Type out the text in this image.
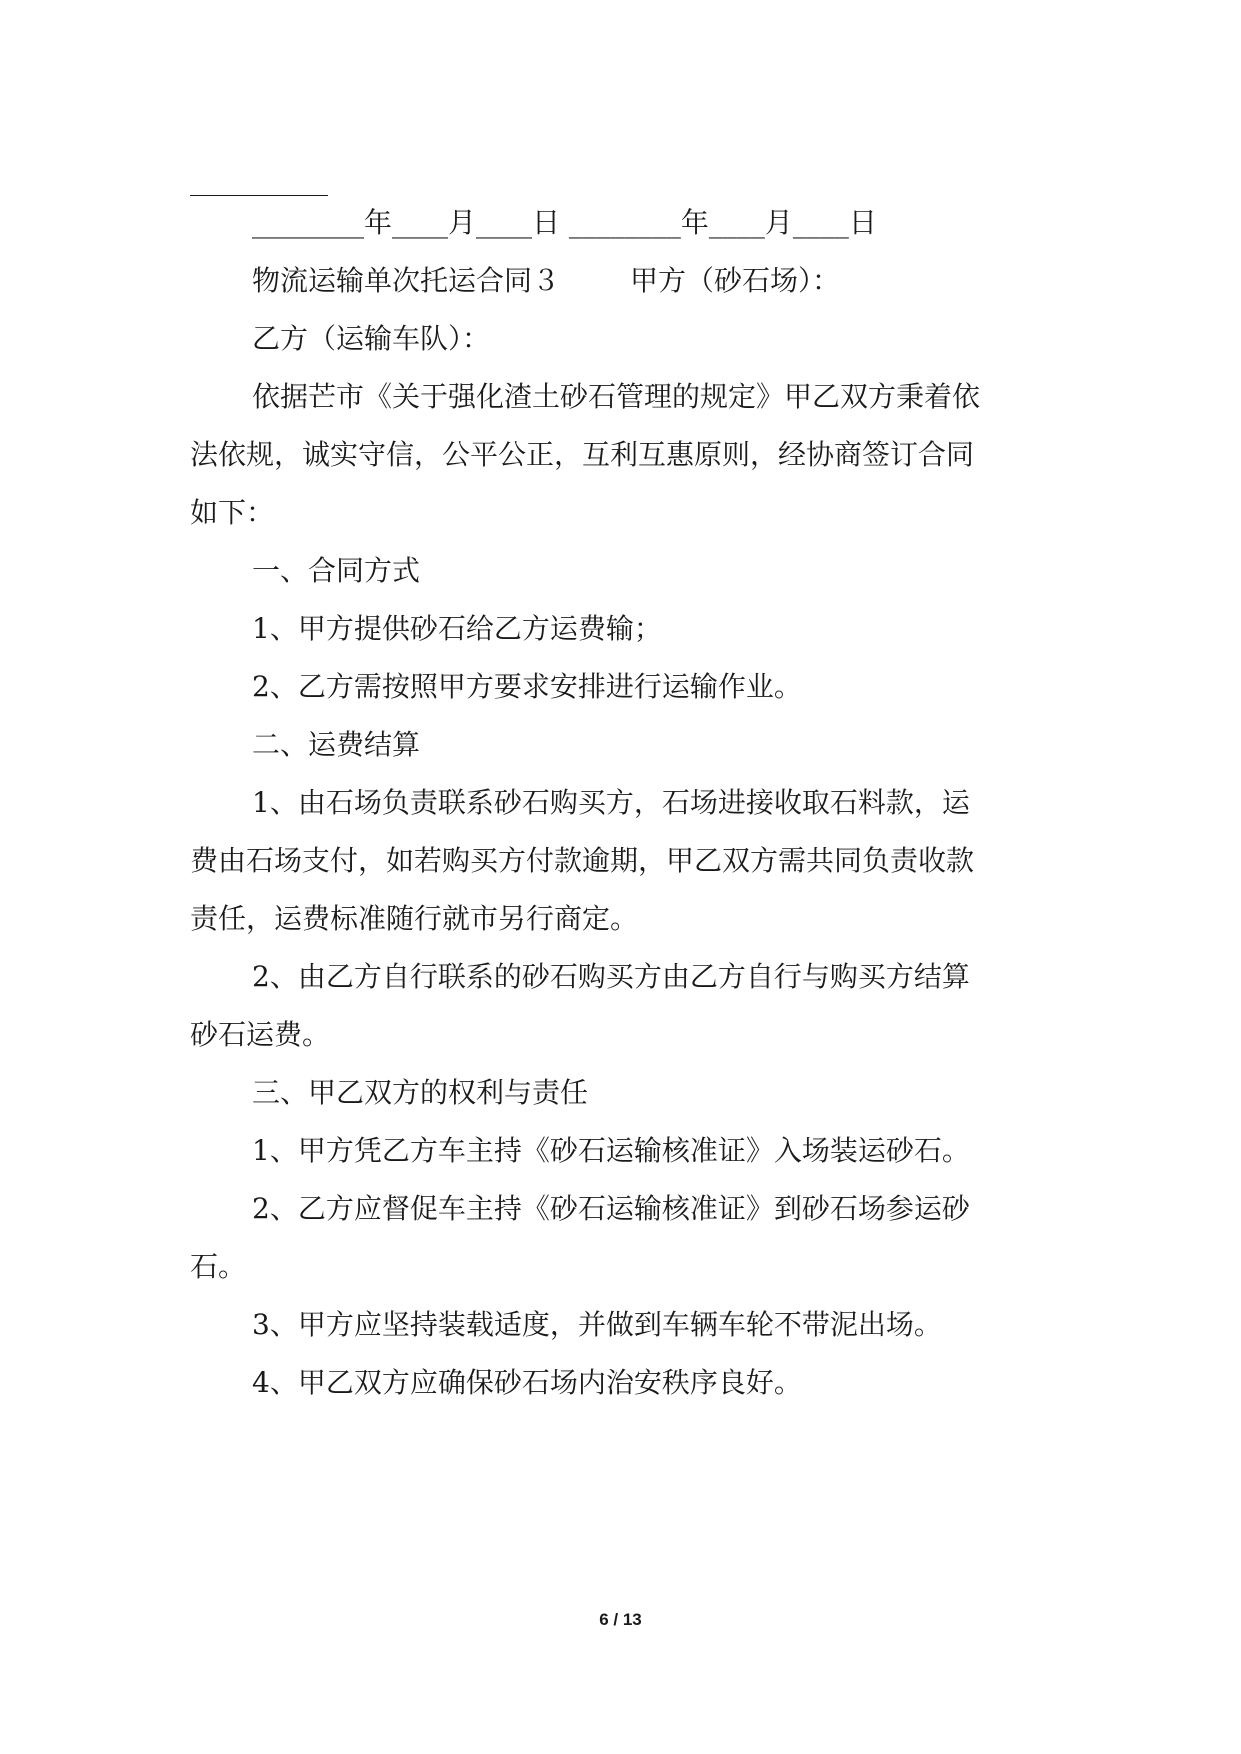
________年____月____日 ________年____月____日
物流运输单次托运合同３	甲方（砂石场）：
乙方（运输车队）：
依据芒市《关于强化渣土砂石管理的规定》甲乙双方秉着依
法依规，诚实守信，公平公正，互利互惠原则，经协商签订合同
如下：
一、合同方式
1、甲方提供砂石给乙方运费输；
2、乙方需按照甲方要求安排进行运输作业。
二、运费结算
1、由石场负责联系砂石购买方，石场进接收取石料款，运
费由石场支付，如若购买方付款逾期，甲乙双方需共同负责收款
责任，运费标准随行就市另行商定。
2、由乙方自行联系的砂石购买方由乙方自行与购买方结算
砂石运费。
三、甲乙双方的权利与责任
1、甲方凭乙方车主持《砂石运输核准证》入场装运砂石。
2、乙方应督促车主持《砂石运输核准证》到砂石场参运砂
石。
3、甲方应坚持装载适度，并做到车辆车轮不带泥出场。
4、甲乙双方应确保砂石场内治安秩序良好。
6 / 13
